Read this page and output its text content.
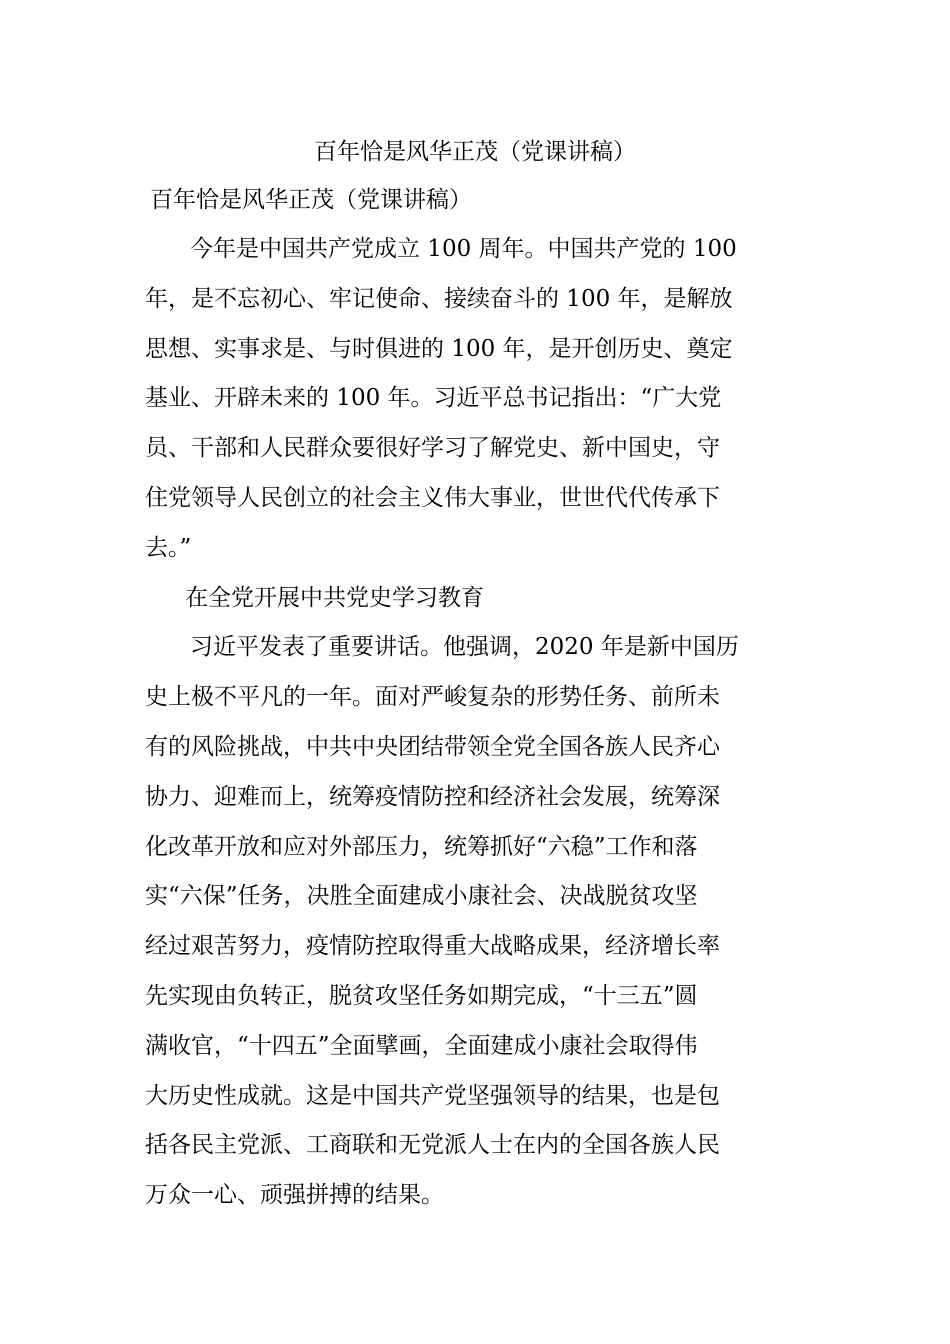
百年恰是风华正茂（党课讲稿）
百年恰是风华正茂（党课讲稿）
今年是中国共产党成立 100 周年。中国共产党的 100
年，是不忘初心、牢记使命、接续奋斗的 100 年，是解放
思想、实事求是、与时俱进的 100 年，是开创历史、奠定
基业、开辟未来的 100 年。习近平总书记指出：“广大党
员、干部和人民群众要很好学习了解党史、新中国史，守
住党领导人民创立的社会主义伟大事业，世世代代传承下
去。”
在全党开展中共党史学习教育
习近平发表了重要讲话。他强调，2020 年是新中国历
史上极不平凡的一年。面对严峻复杂的形势任务、前所未
有的风险挑战，中共中央团结带领全党全国各族人民齐心
协力、迎难而上，统筹疫情防控和经济社会发展，统筹深
化改革开放和应对外部压力，统筹抓好“六稳”工作和落
实“六保”任务，决胜全面建成小康社会、决战脱贫攻坚
经过艰苦努力，疫情防控取得重大战略成果，经济增长率
先实现由负转正，脱贫攻坚任务如期完成，“十三五”圆
满收官，“十四五”全面擘画，全面建成小康社会取得伟
大历史性成就。这是中国共产党坚强领导的结果，也是包
括各民主党派、工商联和无党派人士在内的全国各族人民
万众一心、顽强拼搏的结果。
